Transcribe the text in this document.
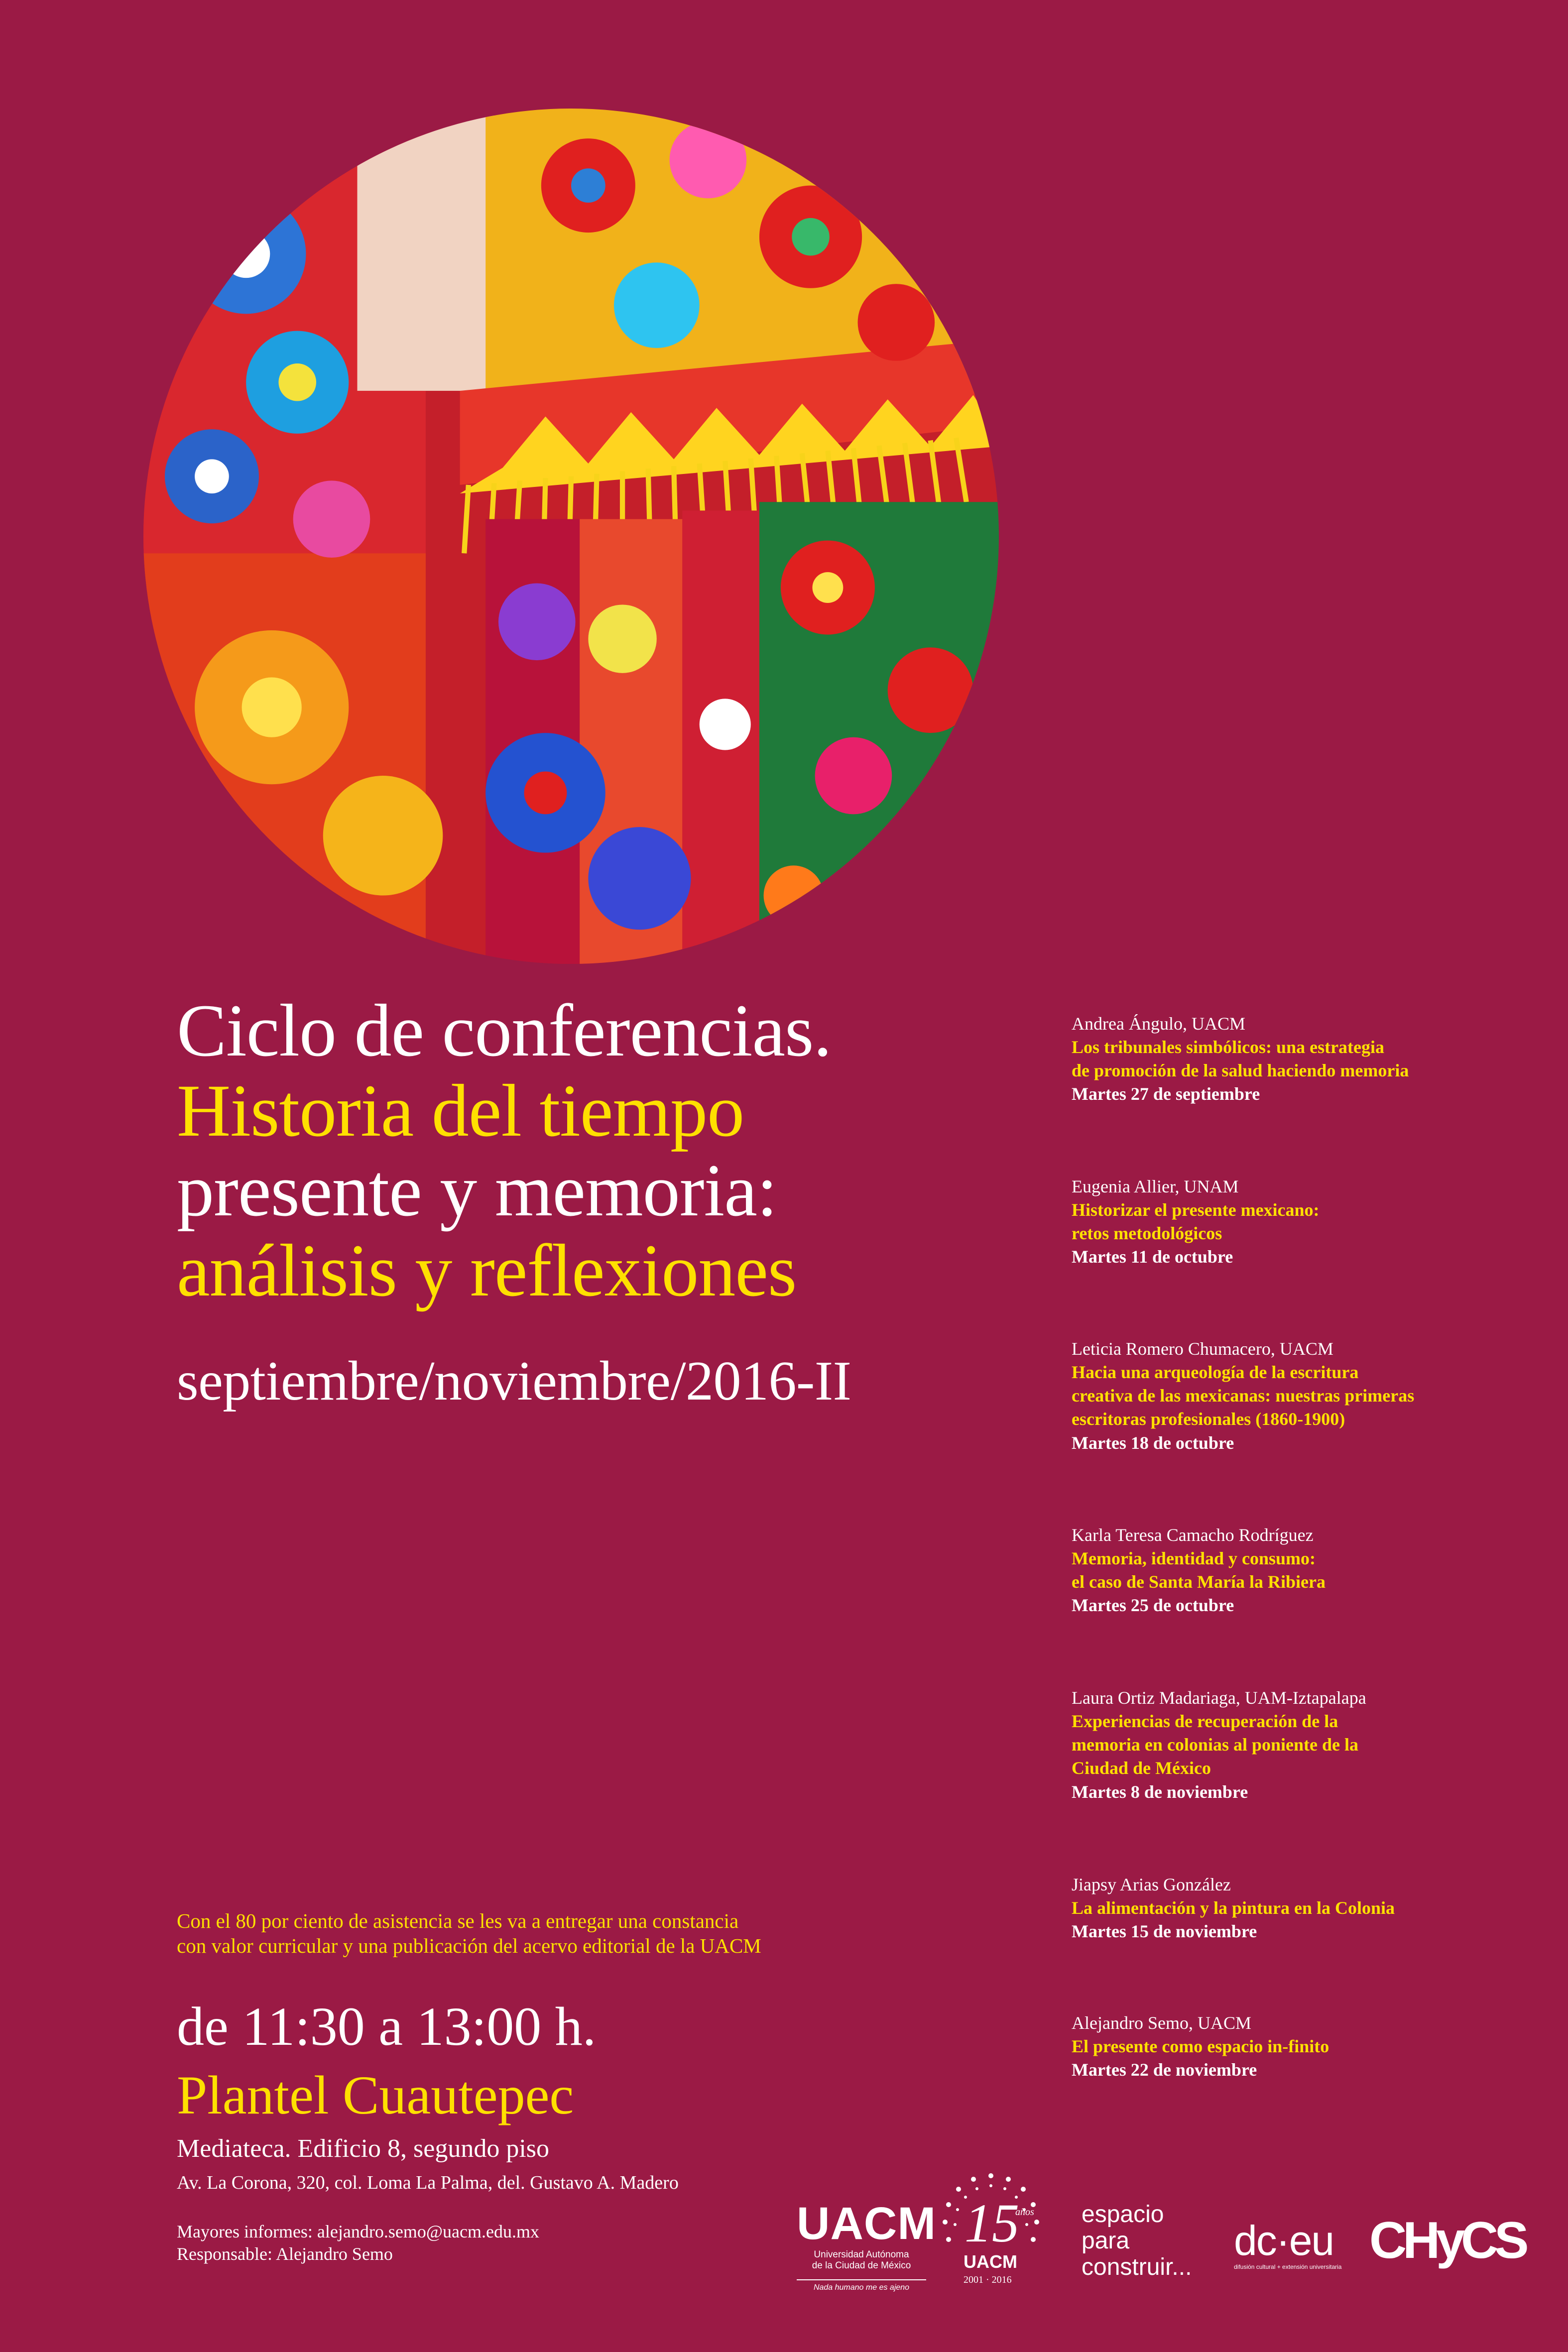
Ciclo de conferencias.
Historia del tiempo
presente y memoria:
análisis y reflexiones
septiembre/noviembre/2016-II
Andrea Ángulo, UACM
Los tribunales simbólicos: una estrategia
de promoción de la salud haciendo memoria
Martes 27 de septiembre
Eugenia Allier, UNAM
Historizar el presente mexicano:
retos metodológicos
Martes 11 de octubre
Leticia Romero Chumacero, UACM
Hacia una arqueología de la escritura
creativa de las mexicanas: nuestras primeras
escritoras profesionales (1860-1900)
Martes 18 de octubre
Karla Teresa Camacho Rodríguez
Memoria, identidad y consumo:
el caso de Santa María la Ribiera
Martes 25 de octubre
Laura Ortiz Madariaga, UAM-Iztapalapa
Experiencias de recuperación de la
memoria en colonias al poniente de la
Ciudad de México
Martes 8 de noviembre
Jiapsy Arias González
La alimentación y la pintura en la Colonia
Martes 15 de noviembre
Alejandro Semo, UACM
El presente como espacio in-finito
Martes 22 de noviembre
Con el 80 por ciento de asistencia se les va a entregar una constancia
con valor curricular y una publicación del acervo editorial de la UACM
de 11:30 a 13:00 h.
Plantel Cuautepec
Mediateca. Edificio 8, segundo piso
Av. La Corona, 320, col. Loma La Palma, del. Gustavo A. Madero
Mayores informes: alejandro.semo@uacm.edu.mx
Responsable: Alejandro Semo
UACM
Universidad Autónoma
de la Ciudad de México
Nada humano me es ajeno
15
años
UACM
2001 · 2016
espacio
para
construir...
dc·eu
difusión cultural + extensión universitaria CHyCS
